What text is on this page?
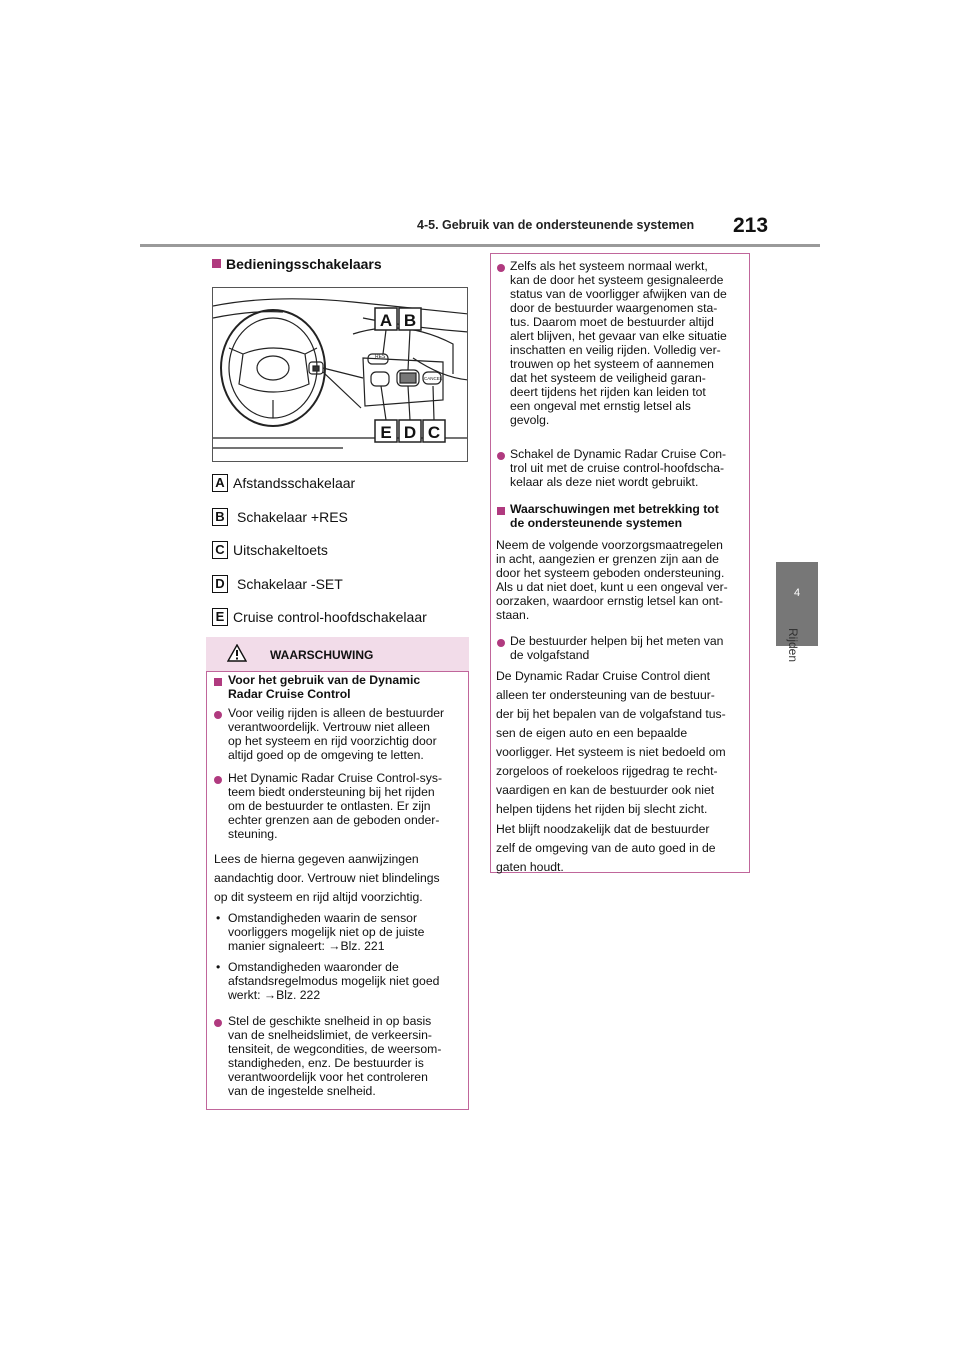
4-5. Gebruik van de ondersteunende systemen 213
4
Rijden
Bedieningsschakelaars
RES
CANCEL
A B
C
D
E
A Afstandsschakelaar
B Schakelaar +RES
C Uitschakeltoets
D Schakelaar -SET
E Cruise control-hoofdschakelaar
WAARSCHUWING
Voor het gebruik van de Dynamic
Radar Cruise Control
Voor veilig rijden is alleen de bestuurder
verantwoordelijk. Vertrouw niet alleen
op het systeem en rijd voorzichtig door
altijd goed op de omgeving te letten.
Het Dynamic Radar Cruise Control-sys-
teem biedt ondersteuning bij het rijden
om de bestuurder te ontlasten. Er zijn
echter grenzen aan de geboden onder-
steuning.
Lees de hierna gegeven aanwijzingen
aandachtig door. Vertrouw niet blindelings
op dit systeem en rijd altijd voorzichtig.
• Omstandigheden waarin de sensor
voorliggers mogelijk niet op de juiste
manier signaleert: →Blz. 221
• Omstandigheden waaronder de
afstandsregelmodus mogelijk niet goed
werkt: →Blz. 222
Stel de geschikte snelheid in op basis
van de snelheidslimiet, de verkeersin-
tensiteit, de wegcondities, de weersom-
standigheden, enz. De bestuurder is
verantwoordelijk voor het controleren
van de ingestelde snelheid.
Zelfs als het systeem normaal werkt,
kan de door het systeem gesignaleerde
status van de voorligger afwijken van de
door de bestuurder waargenomen sta-
tus. Daarom moet de bestuurder altijd
alert blijven, het gevaar van elke situatie
inschatten en veilig rijden. Volledig ver-
trouwen op het systeem of aannemen
dat het systeem de veiligheid garan-
deert tijdens het rijden kan leiden tot
een ongeval met ernstig letsel als
gevolg.
Schakel de Dynamic Radar Cruise Con-
trol uit met de cruise control-hoofdscha-
kelaar als deze niet wordt gebruikt.
Waarschuwingen met betrekking tot
de ondersteunende systemen
Neem de volgende voorzorgsmaatregelen
in acht, aangezien er grenzen zijn aan de
door het systeem geboden ondersteuning.
Als u dat niet doet, kunt u een ongeval ver-
oorzaken, waardoor ernstig letsel kan ont-
staan.
De bestuurder helpen bij het meten van
de volgafstand
De Dynamic Radar Cruise Control dient
alleen ter ondersteuning van de bestuur-
der bij het bepalen van de volgafstand tus-
sen de eigen auto en een bepaalde
voorligger. Het systeem is niet bedoeld om
zorgeloos of roekeloos rijgedrag te recht-
vaardigen en kan de bestuurder ook niet
helpen tijdens het rijden bij slecht zicht.
Het blijft noodzakelijk dat de bestuurder
zelf de omgeving van de auto goed in de
gaten houdt.
